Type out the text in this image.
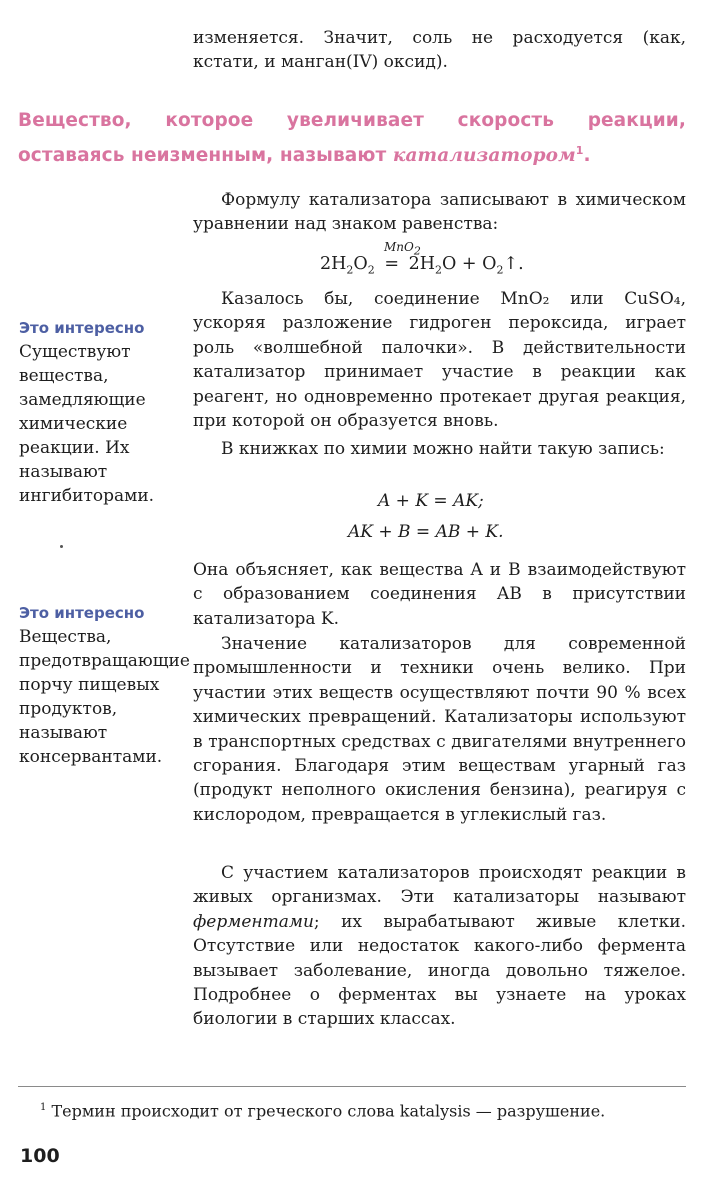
изменяется. Значит, соль не расходуется (как, кстати, и манган(IV) оксид).

Вещество, которое увеличивает скорость реакции, оставаясь неизменным, называют катализатором$^1$.

Формулу катализатора записывают в химическом уравнении над знаком равенства:

MnO$_2$
$2H_2O_2 = 2H_2O$ + $O_2↑$.

Казалось бы, соединение MnO₂ или CuSO₄, ускоряя разложение гидроген пероксида, играет роль «волшебной палочки». В действительности катализатор принимает участие в реакции как реагент, но одновременно протекает другая реакция, при которой он образуется вновь.

В книжках по химии можно найти такую запись:

A + K = AK;
AK + B = AB + K.

Она объясняет, как вещества A и B взаимодействуют с образованием соединения AB в присутствии катализатора K.

Значение катализаторов для современной промышленности и техники очень велико. При участии этих веществ осуществляют почти 90 % всех химических превращений. Катализаторы используют в транспортных средствах с двигателями внутреннего сгорания. Благодаря этим веществам угарный газ (продукт неполного окисления бензина), реагируя с кислородом, превращается в углекислый газ.

С участием катализаторов происходят реакции в живых организмах. Эти катализаторы называют ферментами; их вырабатывают живые клетки. Отсутствие или недостаток какого-либо фермента вызывает заболевание, иногда довольно тяжелое. Подробнее о ферментах вы узнаете на уроках биологии в старших классах.

Это интересно
Существуют вещества, замедляющие химические реакции. Их называют ингибиторами.
Это интересно
Вещества, предотвращающие порчу пищевых продуктов, называют консервантами.

$^1$ Термин происходит от греческого слова katalysis — разрушение.

100
